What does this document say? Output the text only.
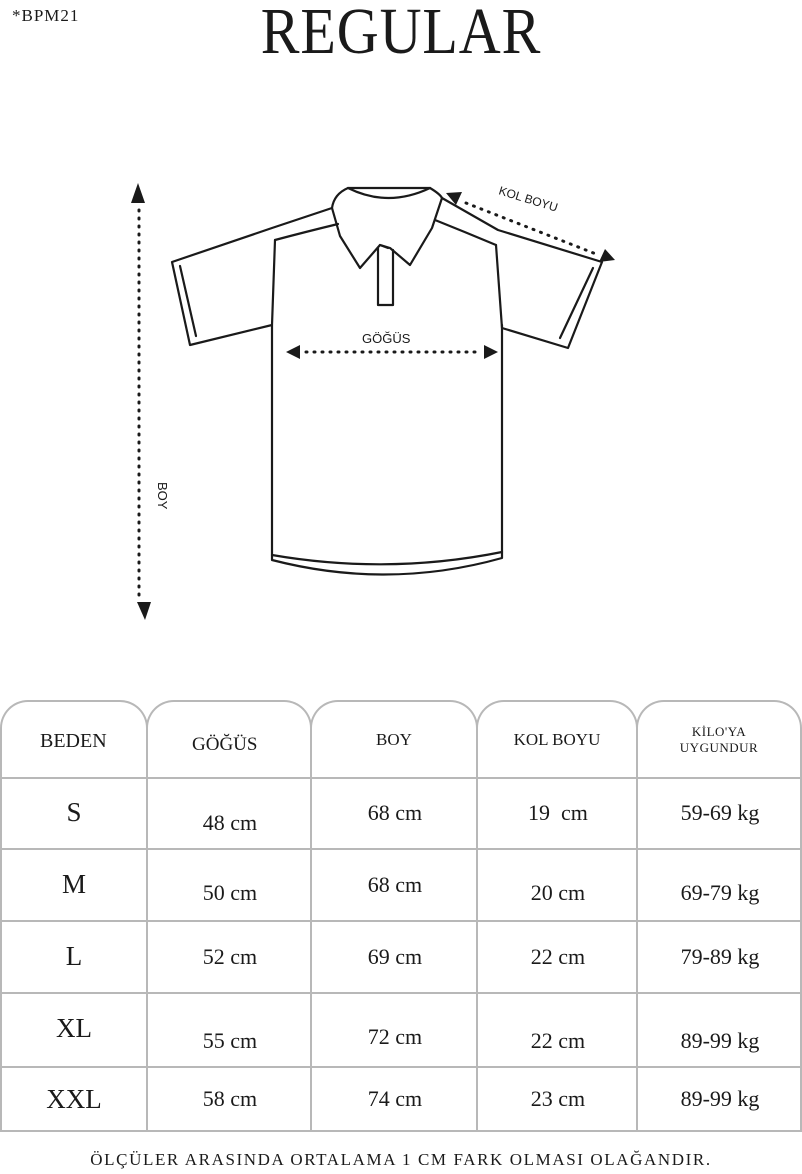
*BPM21	REGULAR
BOY
GÖĞÜS
KOL BOYU
BEDEN	GÖĞÜS	BOY	KOL BOYU	KİLO'YA
UYGUNDUR
S	48 cm	68 cm	19  cm	59-69 kg
M	50 cm	68 cm	20 cm	69-79 kg
L	52 cm	69 cm	22 cm	79-89 kg
XL	55 cm	72 cm	22 cm	89-99 kg
XXL	58 cm	74 cm	23 cm	89-99 kg
ÖLÇÜLER ARASINDA ORTALAMA 1 CM FARK OLMASI OLAĞANDIR.
